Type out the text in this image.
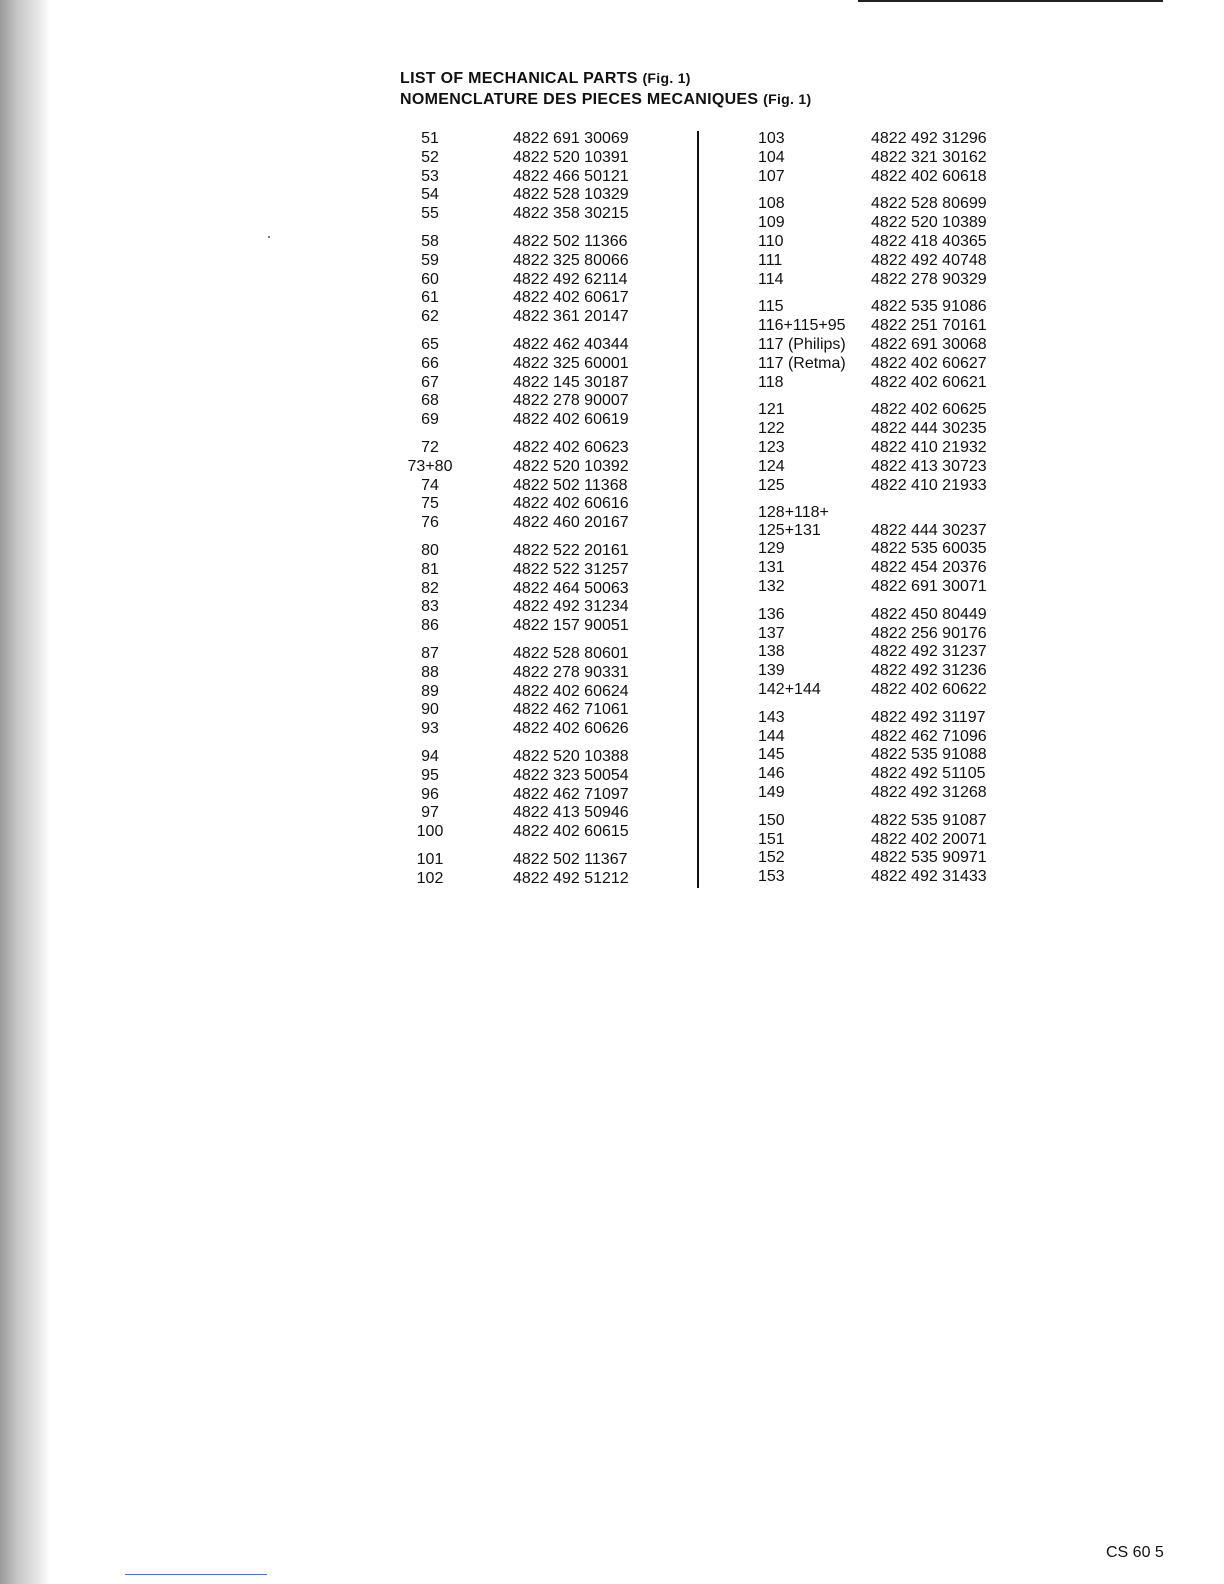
LIST OF MECHANICAL PARTS (Fig. 1)
NOMENCLATURE DES PIECES MECANIQUES (Fig. 1)
51	4822 691 30069
52	4822 520 10391
53	4822 466 50121
54	4822 528 10329
55	4822 358 30215
58	4822 502 11366
59	4822 325 80066
60	4822 492 62114
61	4822 402 60617
62	4822 361 20147
65	4822 462 40344
66	4822 325 60001
67	4822 145 30187
68	4822 278 90007
69	4822 402 60619
72	4822 402 60623
73+80	4822 520 10392
74	4822 502 11368
75	4822 402 60616
76	4822 460 20167
80	4822 522 20161
81	4822 522 31257
82	4822 464 50063
83	4822 492 31234
86	4822 157 90051
87	4822 528 80601
88	4822 278 90331
89	4822 402 60624
90	4822 462 71061
93	4822 402 60626
94	4822 520 10388
95	4822 323 50054
96	4822 462 71097
97	4822 413 50946
100	4822 402 60615
101	4822 502 11367
102	4822 492 51212
103	4822 492 31296
104	4822 321 30162
107	4822 402 60618
108	4822 528 80699
109	4822 520 10389
110	4822 418 40365
111	4822 492 40748
114	4822 278 90329
115	4822 535 91086
116+115+95	4822 251 70161
117 (Philips)	4822 691 30068
117 (Retma)	4822 402 60627
118	4822 402 60621
121	4822 402 60625
122	4822 444 30235
123	4822 410 21932
124	4822 413 30723
125	4822 410 21933
128+118+
125+131	4822 444 30237
129	4822 535 60035
131	4822 454 20376
132	4822 691 30071
136	4822 450 80449
137	4822 256 90176
138	4822 492 31237
139	4822 492 31236
142+144	4822 402 60622
143	4822 492 31197
144	4822 462 71096
145	4822 535 91088
146	4822 492 51105
149	4822 492 31268
150	4822 535 91087
151	4822 402 20071
152	4822 535 90971
153	4822 492 31433
CS 60 5
